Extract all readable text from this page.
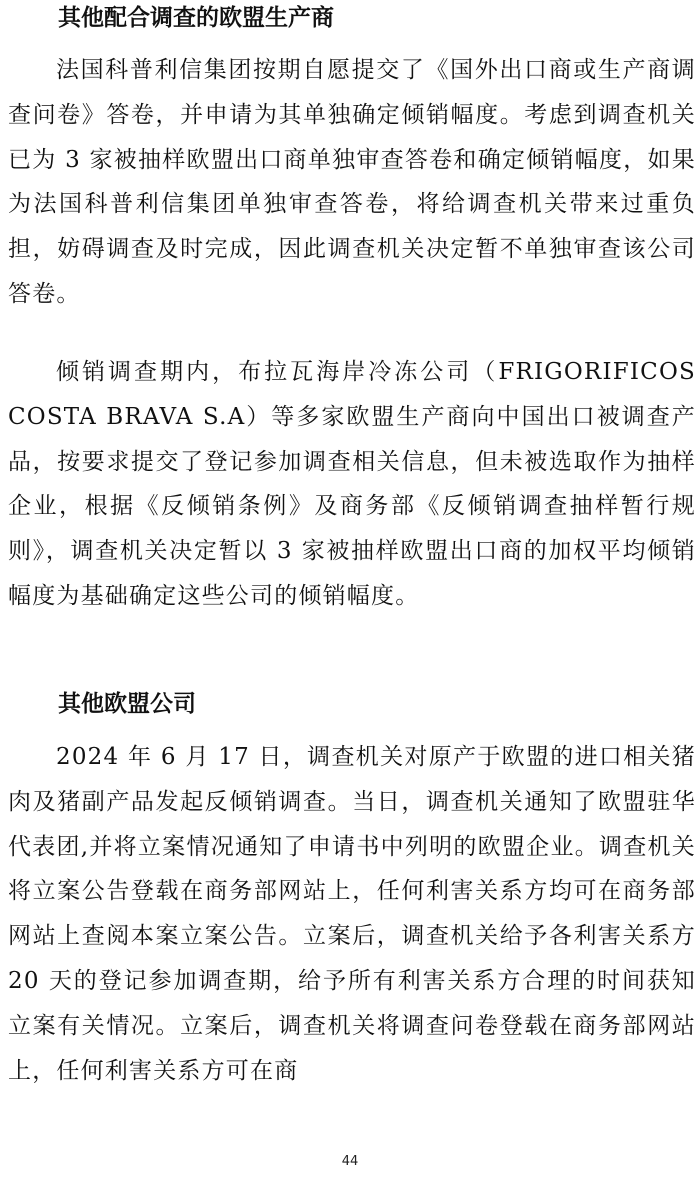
其他配合调查的欧盟生产商

法国科普利信集团按期自愿提交了《国外出口商或生产商调查问卷》答卷，并申请为其单独确定倾销幅度。考虑到调查机关已为 3 家被抽样欧盟出口商单独审查答卷和确定倾销幅度，如果为法国科普利信集团单独审查答卷，将给调查机关带来过重负担，妨碍调查及时完成，因此调查机关决定暂不单独审查该公司答卷。

倾销调查期内，布拉瓦海岸冷冻公司（FRIGORIFICOS COSTA BRAVA S.A）等多家欧盟生产商向中国出口被调查产品，按要求提交了登记参加调查相关信息，但未被选取作为抽样企业，根据《反倾销条例》及商务部《反倾销调查抽样暂行规则》，调查机关决定暂以 3 家被抽样欧盟出口商的加权平均倾销幅度为基础确定这些公司的倾销幅度。

其他欧盟公司

2024 年 6 月 17 日，调查机关对原产于欧盟的进口相关猪肉及猪副产品发起反倾销调查。当日，调查机关通知了欧盟驻华代表团,并将立案情况通知了申请书中列明的欧盟企业。调查机关将立案公告登载在商务部网站上，任何利害关系方均可在商务部网站上查阅本案立案公告。立案后，调查机关给予各利害关系方 20 天的登记参加调查期，给予所有利害关系方合理的时间获知立案有关情况。立案后，调查机关将调查问卷登载在商务部网站上，任何利害关系方可在商

44
